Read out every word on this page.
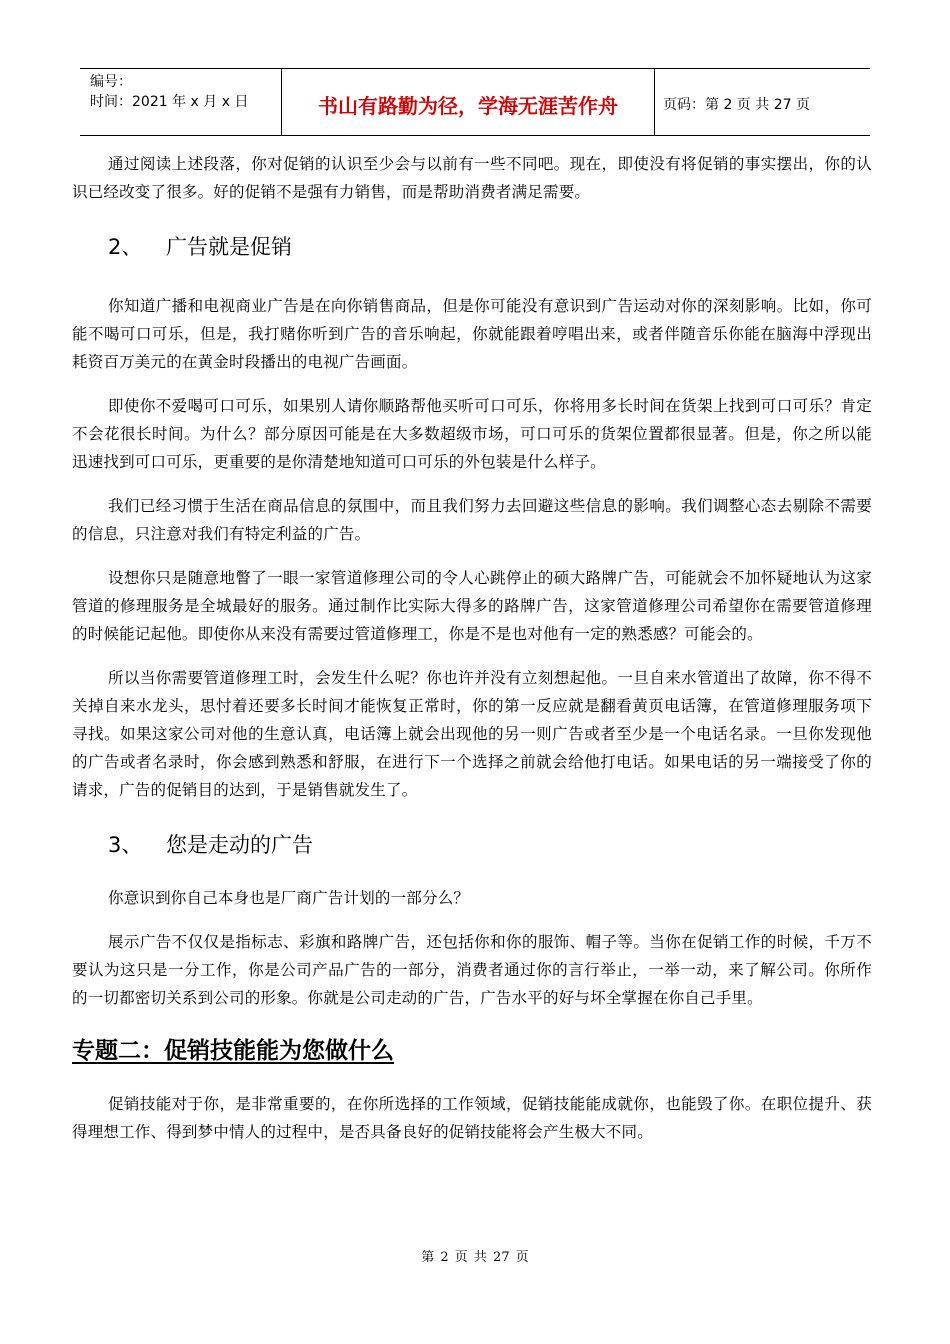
编号：
时间：2021 年 x 月 x 日	书山有路勤为径，学海无涯苦作舟	页码：第 2 页 共 27 页

通过阅读上述段落，你对促销的认识至少会与以前有一些不同吧。现在，即使没有将促销的事实摆出，你的认识已经改变了很多。好的促销不是强有力销售，而是帮助消费者满足需要。

2、 广告就是促销

你知道广播和电视商业广告是在向你销售商品，但是你可能没有意识到广告运动对你的深刻影响。比如，你可能不喝可口可乐，但是，我打赌你听到广告的音乐响起，你就能跟着哼唱出来，或者伴随音乐你能在脑海中浮现出耗资百万美元的在黄金时段播出的电视广告画面。

即使你不爱喝可口可乐，如果别人请你顺路帮他买听可口可乐，你将用多长时间在货架上找到可口可乐？肯定不会花很长时间。为什么？部分原因可能是在大多数超级市场，可口可乐的货架位置都很显著。但是，你之所以能迅速找到可口可乐，更重要的是你清楚地知道可口可乐的外包装是什么样子。

我们已经习惯于生活在商品信息的氛围中，而且我们努力去回避这些信息的影响。我们调整心态去剔除不需要的信息，只注意对我们有特定利益的广告。

设想你只是随意地瞥了一眼一家管道修理公司的令人心跳停止的硕大路牌广告，可能就会不加怀疑地认为这家管道的修理服务是全城最好的服务。通过制作比实际大得多的路牌广告，这家管道修理公司希望你在需要管道修理的时候能记起他。即使你从来没有需要过管道修理工，你是不是也对他有一定的熟悉感？可能会的。

所以当你需要管道修理工时，会发生什么呢？你也许并没有立刻想起他。一旦自来水管道出了故障，你不得不关掉自来水龙头，思忖着还要多长时间才能恢复正常时，你的第一反应就是翻看黄页电话簿，在管道修理服务项下寻找。如果这家公司对他的生意认真，电话簿上就会出现他的另一则广告或者至少是一个电话名录。一旦你发现他的广告或者名录时，你会感到熟悉和舒服，在进行下一个选择之前就会给他打电话。如果电话的另一端接受了你的请求，广告的促销目的达到，于是销售就发生了。

3、 您是走动的广告

你意识到你自己本身也是厂商广告计划的一部分么？

展示广告不仅仅是指标志、彩旗和路牌广告，还包括你和你的服饰、帽子等。当你在促销工作的时候，千万不要认为这只是一分工作，你是公司产品广告的一部分，消费者通过你的言行举止，一举一动，来了解公司。你所作的一切都密切关系到公司的形象。你就是公司走动的广告，广告水平的好与坏全掌握在你自己手里。

专题二：促销技能能为您做什么

促销技能对于你，是非常重要的，在你所选择的工作领域，促销技能能成就你，也能毁了你。在职位提升、获得理想工作、得到梦中情人的过程中，是否具备良好的促销技能将会产生极大不同。

第 2 页 共 27 页
